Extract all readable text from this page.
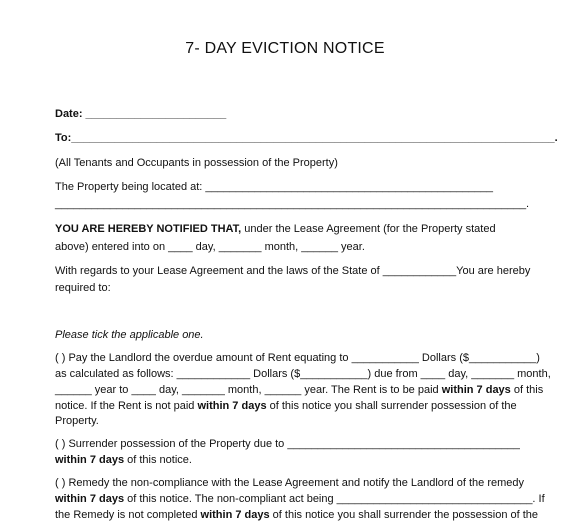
7- DAY EVICTION NOTICE
Date: _______________________
To:_______________________________________________________________________________.
(All Tenants and Occupants in possession of the Property)
The Property being located at: _______________________________________________
_____________________________________________________________________________.
YOU ARE HEREBY NOTIFIED THAT, under the Lease Agreement (for the Property stated
above) entered into on ____ day, _______ month, ______ year.
With regards to your Lease Agreement and the laws of the State of ____________You are hereby
required to:
Please tick the applicable one.
( ) Pay the Landlord the overdue amount of Rent equating to ___________ Dollars ($___________)
as calculated as follows: ____________ Dollars ($___________) due from ____ day, _______ month,
______ year to ____ day, _______ month, ______ year. The Rent is to be paid within 7 days of this
notice. If the Rent is not paid within 7 days of this notice you shall surrender possession of the
Property.
( ) Surrender possession of the Property due to ______________________________________
within 7 days of this notice.
( ) Remedy the non-compliance with the Lease Agreement and notify the Landlord of the remedy
within 7 days of this notice. The non-compliant act being ________________________________. If
the Remedy is not completed within 7 days of this notice you shall surrender the possession of the
